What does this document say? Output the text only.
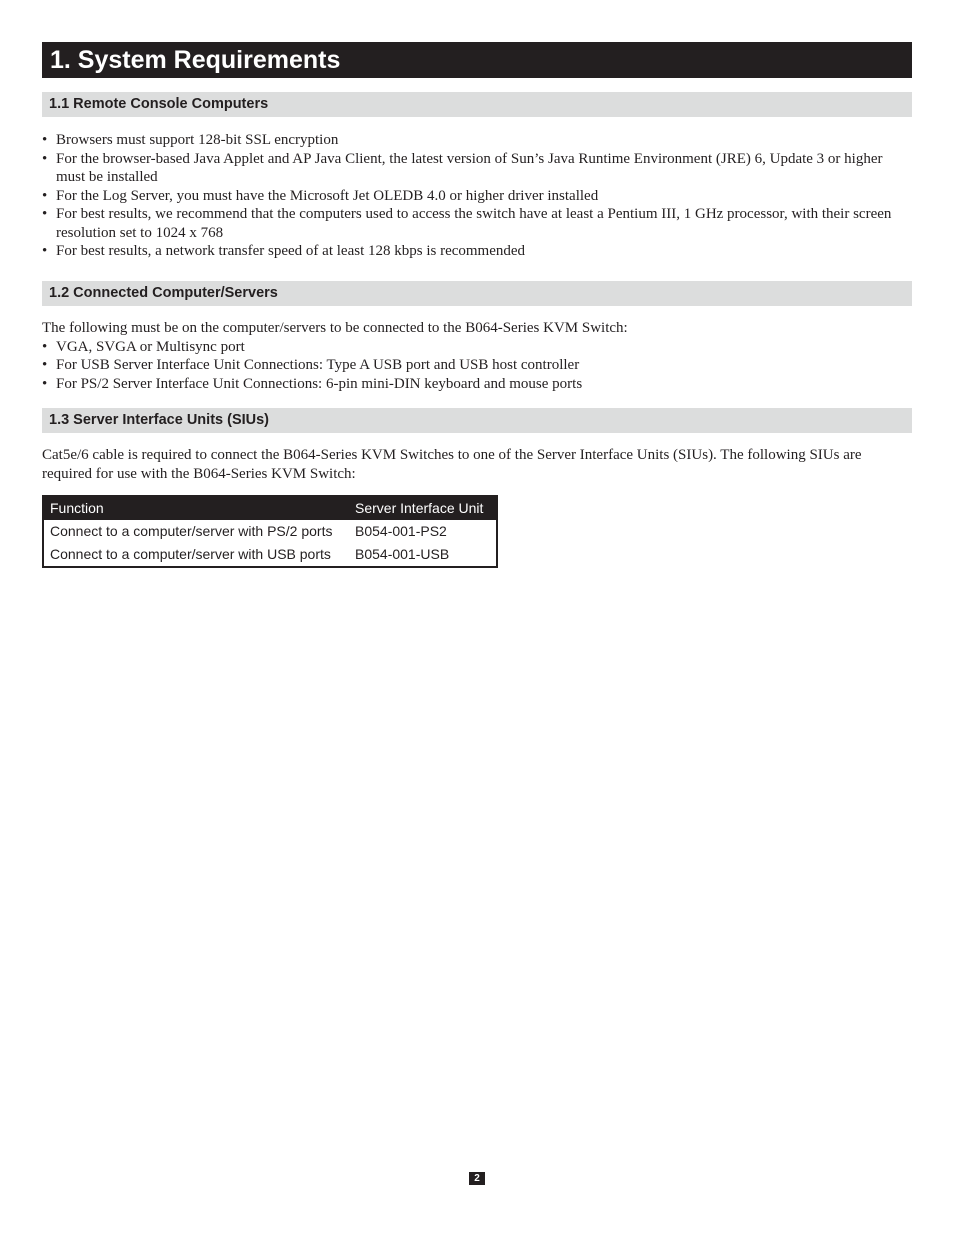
1. System Requirements
1.1 Remote Console Computers
• Browsers must support 128-bit SSL encryption
• For the browser-based Java Applet and AP Java Client, the latest version of Sun’s Java Runtime Environment (JRE) 6, Update 3 or higher must be installed
• For the Log Server, you must have the Microsoft Jet OLEDB 4.0 or higher driver installed
• For best results, we recommend that the computers used to access the switch have at least a Pentium III, 1 GHz processor, with their screen resolution set to 1024 x 768
• For best results, a network transfer speed of at least 128 kbps is recommended
1.2 Connected Computer/Servers
The following must be on the computer/servers to be connected to the B064-Series KVM Switch:
• VGA, SVGA or Multisync port
• For USB Server Interface Unit Connections: Type A USB port and USB host controller
• For PS/2 Server Interface Unit Connections: 6-pin mini-DIN keyboard and mouse ports
1.3 Server Interface Units (SIUs)
Cat5e/6 cable is required to connect the B064-Series KVM Switches to one of the Server Interface Units (SIUs). The following SIUs are required for use with the B064-Series KVM Switch:
Function	Server Interface Unit
Connect to a computer/server with PS/2 ports	B054-001-PS2
Connect to a computer/server with USB ports	B054-001-USB
2
